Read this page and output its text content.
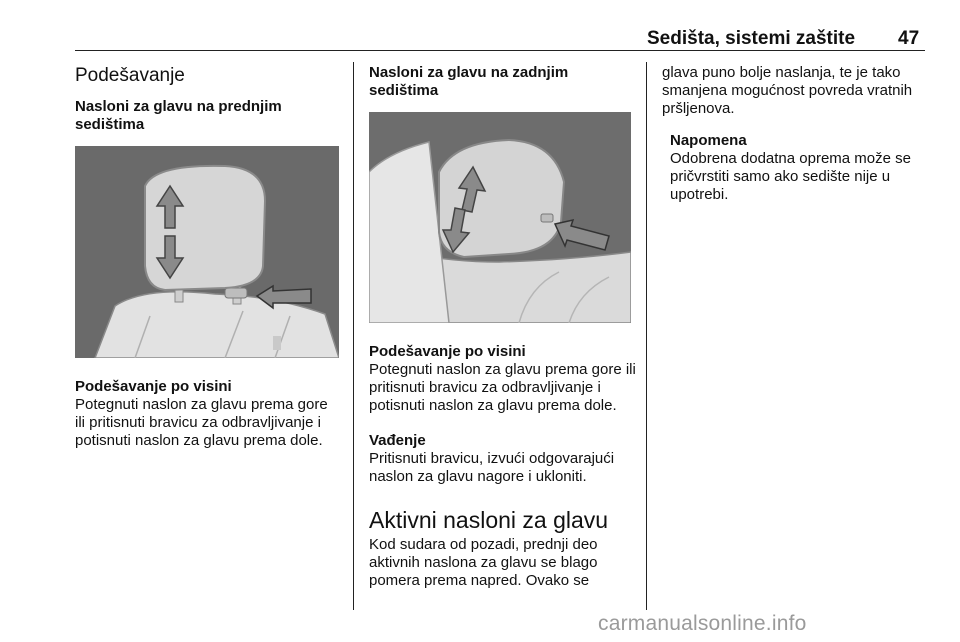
Sedišta, sistemi zaštite 47
Podešavanje
Nasloni za glavu na prednjim sedištima
Podešavanje po visini
Potegnuti naslon za glavu prema gore ili pritisnuti bravicu za odbravljivanje i potisnuti naslon za glavu prema dole.
Nasloni za glavu na zadnjim sedištima
Podešavanje po visini
Potegnuti naslon za glavu prema gore ili pritisnuti bravicu za odbravljivanje i potisnuti naslon za glavu prema dole.
Vađenje
Pritisnuti bravicu, izvući odgovarajući naslon za glavu nagore i ukloniti.
Aktivni nasloni za glavu
Kod sudara od pozadi, prednji deo aktivnih naslona za glavu se blago pomera prema napred. Ovako se
glava puno bolje naslanja, te je tako smanjena mogućnost povreda vratnih pršljenova.
Napomena
Odobrena dodatna oprema može se pričvrstiti samo ako sedište nije u upotrebi.
carmanualsonline.info
